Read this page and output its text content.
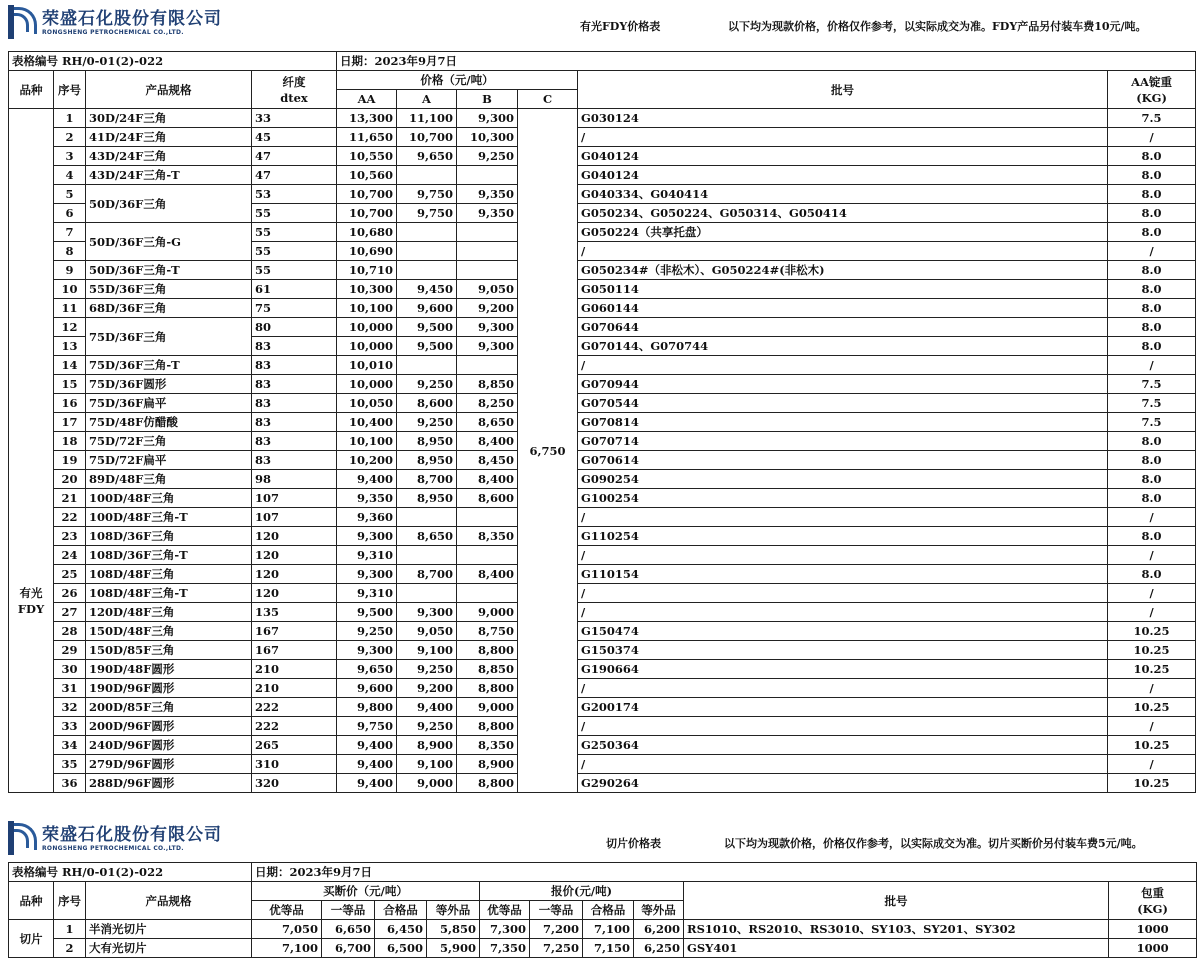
荣盛石化股份有限公司
RONGSHENG PETROCHEMICAL CO.,LTD.	有光FDY价格表	以下均为现款价格，价格仅作参考，以实际成交为准。FDY产品另付装车费10元/吨。
表格编号 RH/0-01(2)-022				日期：2023年9月7日					
品种	序号	产品规格	纤度
dtex	价格（元/吨）				批号	AA锭重
(KG)
				AA	A	B	C		
有光
FDY	1	30D/24F三角	33	13,300	11,100	9,300	6,750	G030124	7.5
	2	41D/24F三角	45	11,650	10,700	10,300		/	/
	3	43D/24F三角	47	10,550	9,650	9,250		G040124	8.0
	4	43D/24F三角-T	47	10,560				G040124	8.0
	5	50D/36F三角	53	10,700	9,750	9,350		G040334、G040414	8.0
	6		55	10,700	9,750	9,350		G050234、G050224、G050314、G050414	8.0
	7	50D/36F三角-G	55	10,680				G050224（共享托盘）	8.0
	8		55	10,690				/	/
	9	50D/36F三角-T	55	10,710				G050234#（非松木）、G050224#(非松木)	8.0
	10	55D/36F三角	61	10,300	9,450	9,050		G050114	8.0
	11	68D/36F三角	75	10,100	9,600	9,200		G060144	8.0
	12	75D/36F三角	80	10,000	9,500	9,300		G070644	8.0
	13		83	10,000	9,500	9,300		G070144、G070744	8.0
	14	75D/36F三角-T	83	10,010				/	/
	15	75D/36F圆形	83	10,000	9,250	8,850		G070944	7.5
	16	75D/36F扁平	83	10,050	8,600	8,250		G070544	7.5
	17	75D/48F仿醋酸	83	10,400	9,250	8,650		G070814	7.5
	18	75D/72F三角	83	10,100	8,950	8,400		G070714	8.0
	19	75D/72F扁平	83	10,200	8,950	8,450		G070614	8.0
	20	89D/48F三角	98	9,400	8,700	8,400		G090254	8.0
	21	100D/48F三角	107	9,350	8,950	8,600		G100254	8.0
	22	100D/48F三角-T	107	9,360				/	/
	23	108D/36F三角	120	9,300	8,650	8,350		G110254	8.0
	24	108D/36F三角-T	120	9,310				/	/
	25	108D/48F三角	120	9,300	8,700	8,400		G110154	8.0
	26	108D/48F三角-T	120	9,310				/	/
	27	120D/48F三角	135	9,500	9,300	9,000		/	/
	28	150D/48F三角	167	9,250	9,050	8,750		G150474	10.25
	29	150D/85F三角	167	9,300	9,100	8,800		G150374	10.25
	30	190D/48F圆形	210	9,650	9,250	8,850		G190664	10.25
	31	190D/96F圆形	210	9,600	9,200	8,800		/	/
	32	200D/85F三角	222	9,800	9,400	9,000		G200174	10.25
	33	200D/96F圆形	222	9,750	9,250	8,800		/	/
	34	240D/96F圆形	265	9,400	8,900	8,350		G250364	10.25
	35	279D/96F圆形	310	9,400	9,100	8,900		/	/
	36	288D/96F圆形	320	9,400	9,000	8,800		G290264	10.25
荣盛石化股份有限公司
RONGSHENG PETROCHEMICAL CO.,LTD.	切片价格表	以下均为现款价格，价格仅作参考，以实际成交为准。切片买断价另付装车费5元/吨。
表格编号 RH/0-01(2)-022			日期：2023年9月7日									
品种	序号	产品规格	买断价（元/吨）				报价(元/吨)				批号	包重
(KG)
			优等品	一等品	合格品	等外品	优等品	一等品	合格品	等外品		
切片	1	半消光切片	7,050	6,650	6,450	5,850	7,300	7,200	7,100	6,200	RS1010、RS2010、RS3010、SY103、SY201、SY302	1000
	2	大有光切片	7,100	6,700	6,500	5,900	7,350	7,250	7,150	6,250	GSY401	1000
